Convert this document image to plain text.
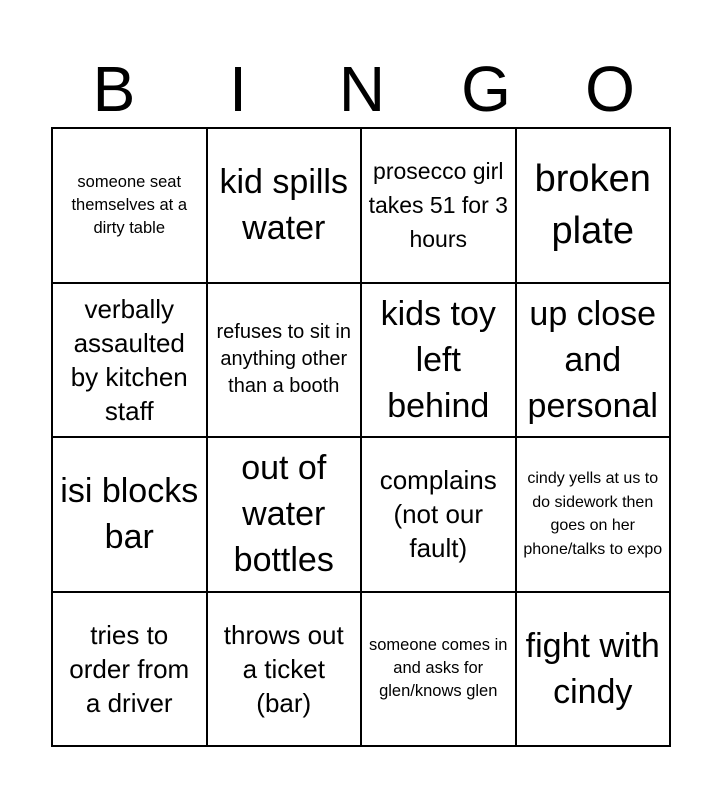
B	I	N	G	O
someone seat themselves at a dirty table
kid spills water
prosecco girl takes 51 for 3 hours
broken plate
verbally assaulted by kitchen staff
refuses to sit in anything other than a booth
kids toy left behind
up close and personal
isi blocks bar
out of water bottles
complains (not our fault)
cindy yells at us to do sidework then goes on her phone/talks to expo
tries to order from a driver
throws out a ticket (bar)
someone comes in and asks for glen/knows glen
fight with cindy
